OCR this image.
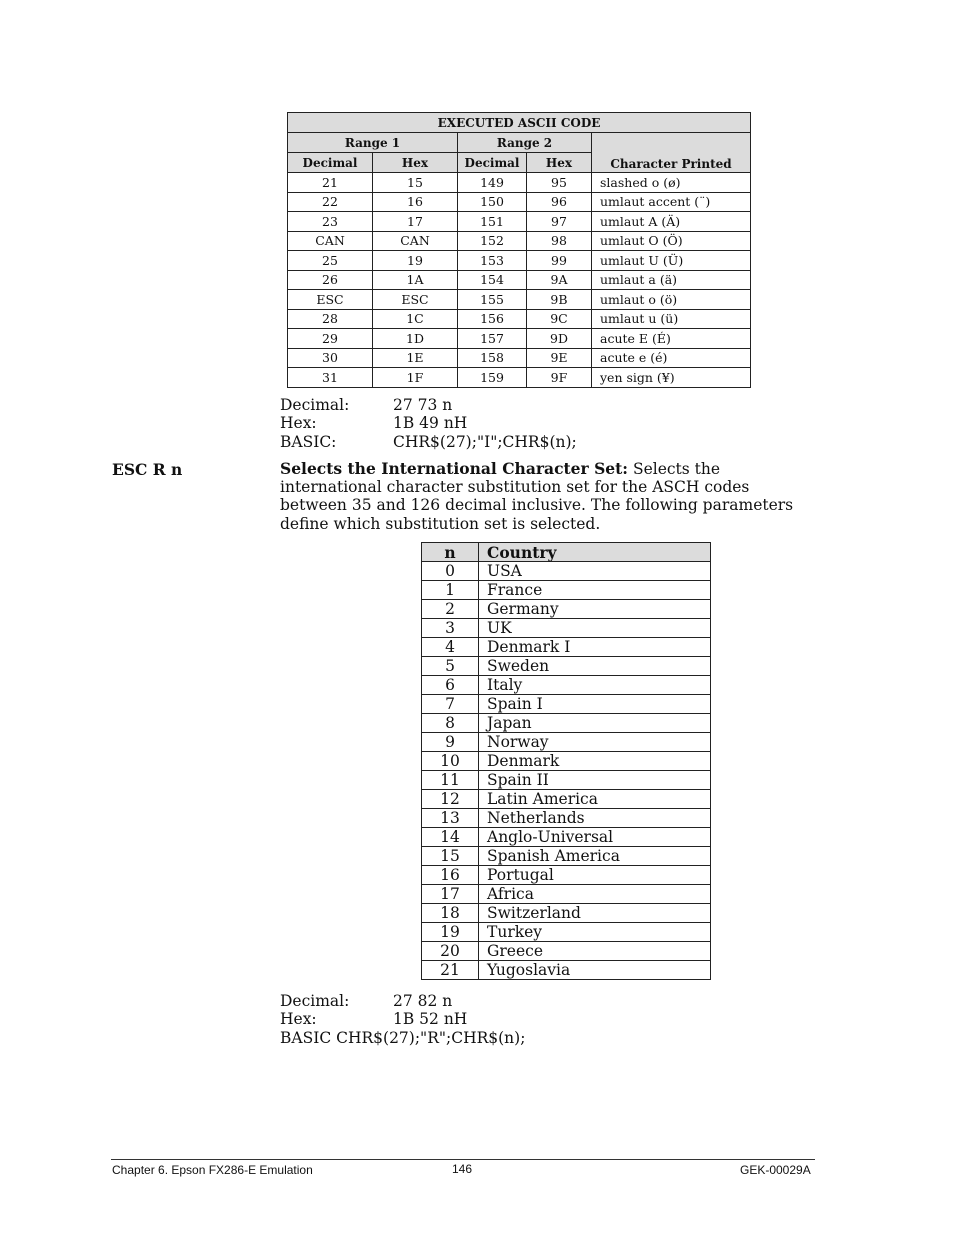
EXECUTED ASCII CODE				
Range 1		Range 2		Character Printed
Decimal	Hex	Decimal	Hex	
21	15	149	95	slashed o (ø)
22	16	150	96	umlaut accent (¨)
23	17	151	97	umlaut A (Ä)
CAN	CAN	152	98	umlaut O (Ö)
25	19	153	99	umlaut U (Ü)
26	1A	154	9A	umlaut a (ä)
ESC	ESC	155	9B	umlaut o (ö)
28	1C	156	9C	umlaut u (ü)
29	1D	157	9D	acute E (É)
30	1E	158	9E	acute e (é)
31	1F	159	9F	yen sign (¥)
Decimal:	27 73 n
Hex:	1B 49 nH
BASIC:	CHR$(27);"I";CHR$(n);
ESC R n	Selects the International Character Set: Selects the international character substitution set for the ASCH codes between 35 and 126 decimal inclusive. The following parameters define which substitution set is selected.
n	Country
0	USA
1	France
2	Germany
3	UK
4	Denmark I
5	Sweden
6	Italy
7	Spain I
8	Japan
9	Norway
10	Denmark
11	Spain II
12	Latin America
13	Netherlands
14	Anglo-Universal
15	Spanish America
16	Portugal
17	Africa
18	Switzerland
19	Turkey
20	Greece
21	Yugoslavia
Decimal:	27 82 n
Hex:	1B 52 nH
BASIC CHR$(27);"R";CHR$(n);
Chapter 6. Epson FX286-E Emulation	146	GEK-00029A
